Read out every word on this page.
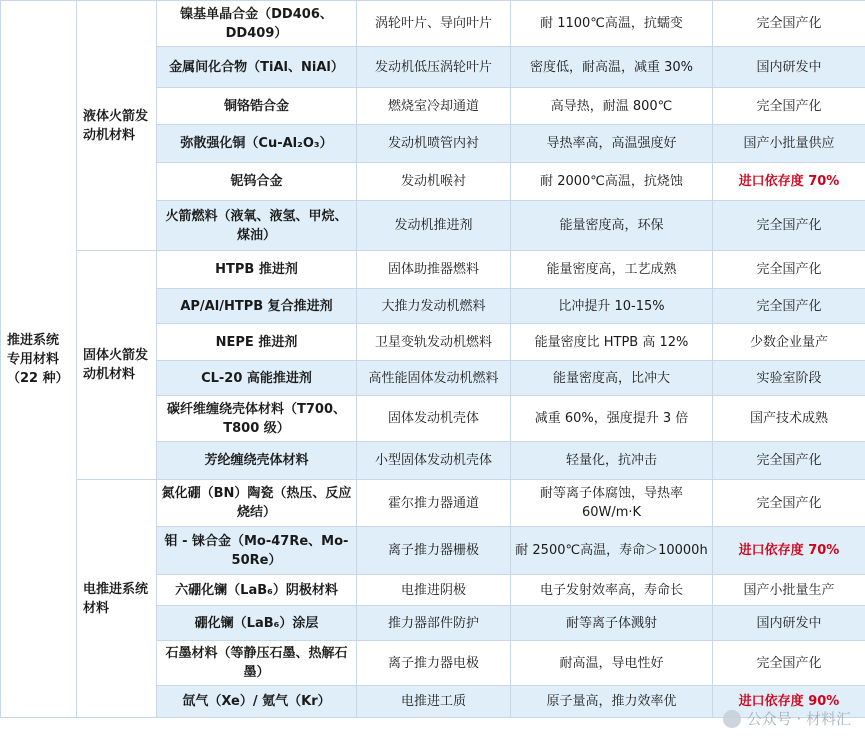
推进系统专用材料（22 种）	液体火箭发动机材料	镍基单晶合金（DD406、DD409）	涡轮叶片、导向叶片	耐 1100℃高温，抗蠕变	完全国产化
		金属间化合物（TiAl、NiAl）	发动机低压涡轮叶片	密度低，耐高温，减重 30%	国内研发中
		铜铬锆合金	燃烧室冷却通道	高导热，耐温 800℃	完全国产化
		弥散强化铜（Cu-Al₂O₃）	发动机喷管内衬	导热率高，高温强度好	国产小批量供应
		铌钨合金	发动机喉衬	耐 2000℃高温，抗烧蚀	进口依存度 70%
		火箭燃料（液氧、液氢、甲烷、煤油）	发动机推进剂	能量密度高，环保	完全国产化
	固体火箭发动机材料	HTPB 推进剂	固体助推器燃料	能量密度高，工艺成熟	完全国产化
		AP/Al/HTPB 复合推进剂	大推力发动机燃料	比冲提升 10-15%	完全国产化
		NEPE 推进剂	卫星变轨发动机燃料	能量密度比 HTPB 高 12%	少数企业量产
		CL-20 高能推进剂	高性能固体发动机燃料	能量密度高，比冲大	实验室阶段
		碳纤维缠绕壳体材料（T700、T800 级）	固体发动机壳体	减重 60%，强度提升 3 倍	国产技术成熟
		芳纶缠绕壳体材料	小型固体发动机壳体	轻量化，抗冲击	完全国产化
	电推进系统材料	氮化硼（BN）陶瓷（热压、反应烧结）	霍尔推力器通道	耐等离子体腐蚀，导热率 60W/m·K	完全国产化
		钼 - 铼合金（Mo-47Re、Mo-50Re）	离子推力器栅极	耐 2500℃高温，寿命＞10000h	进口依存度 70%
		六硼化镧（LaB₆）阴极材料	电推进阴极	电子发射效率高，寿命长	国产小批量生产
		硼化镧（LaB₆）涂层	推力器部件防护	耐等离子体溅射	国内研发中
		石墨材料（等静压石墨、热解石墨）	离子推力器电极	耐高温，导电性好	完全国产化
		氙气（Xe）/ 氪气（Kr）	电推进工质	原子量高，推力效率优	进口依存度 90%
公众号 · 材料汇
